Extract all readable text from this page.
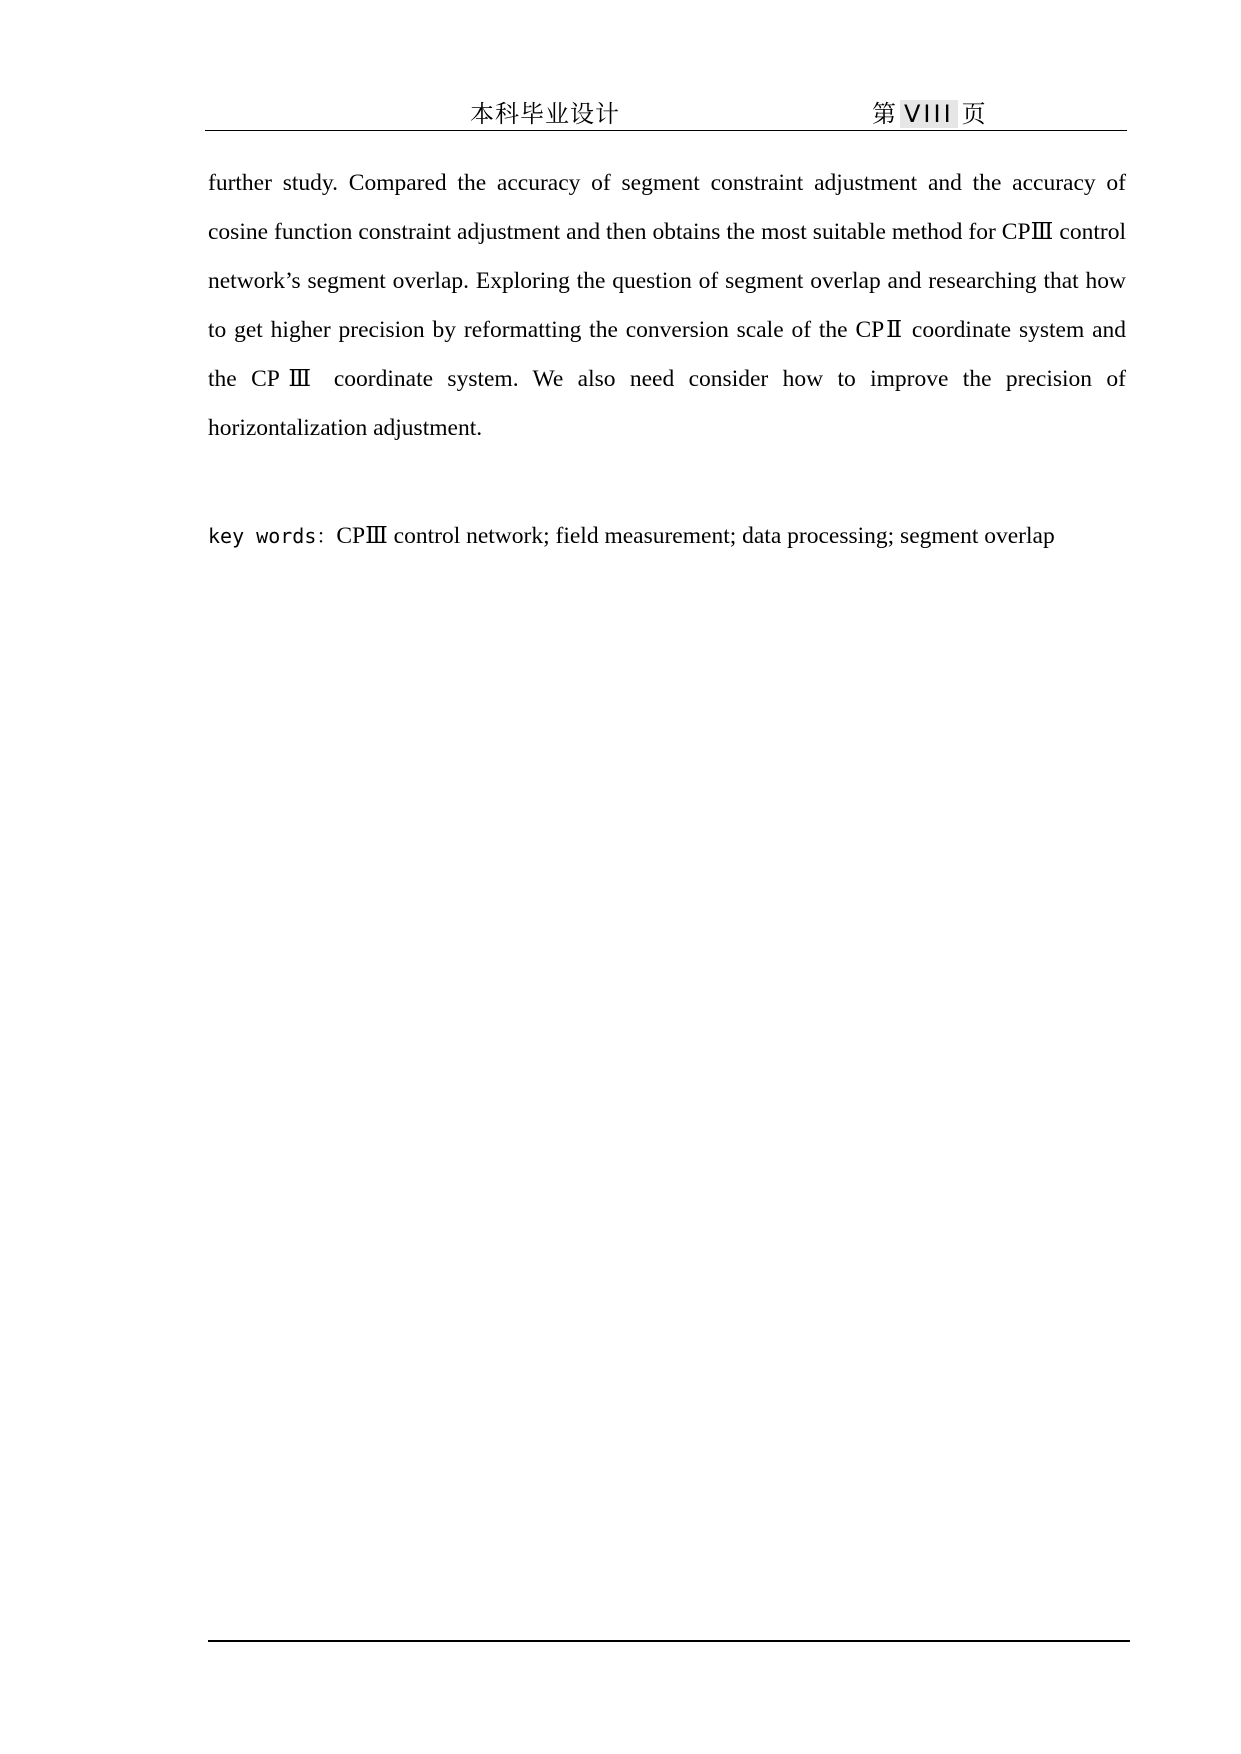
本科毕业设计	第 VIII 页

further study. Compared the accuracy of segment constraint adjustment and the accuracy of cosine function constraint adjustment and then obtains the most suitable method for CPⅢ control network’s segment overlap. Exploring the question of segment overlap and researching that how to get higher precision by reformatting the conversion scale of the CPⅡ coordinate system and the CPⅢ coordinate system. We also need consider how to improve the precision of horizontalization adjustment.

key words：CPⅢ control network; field measurement; data processing; segment overlap
